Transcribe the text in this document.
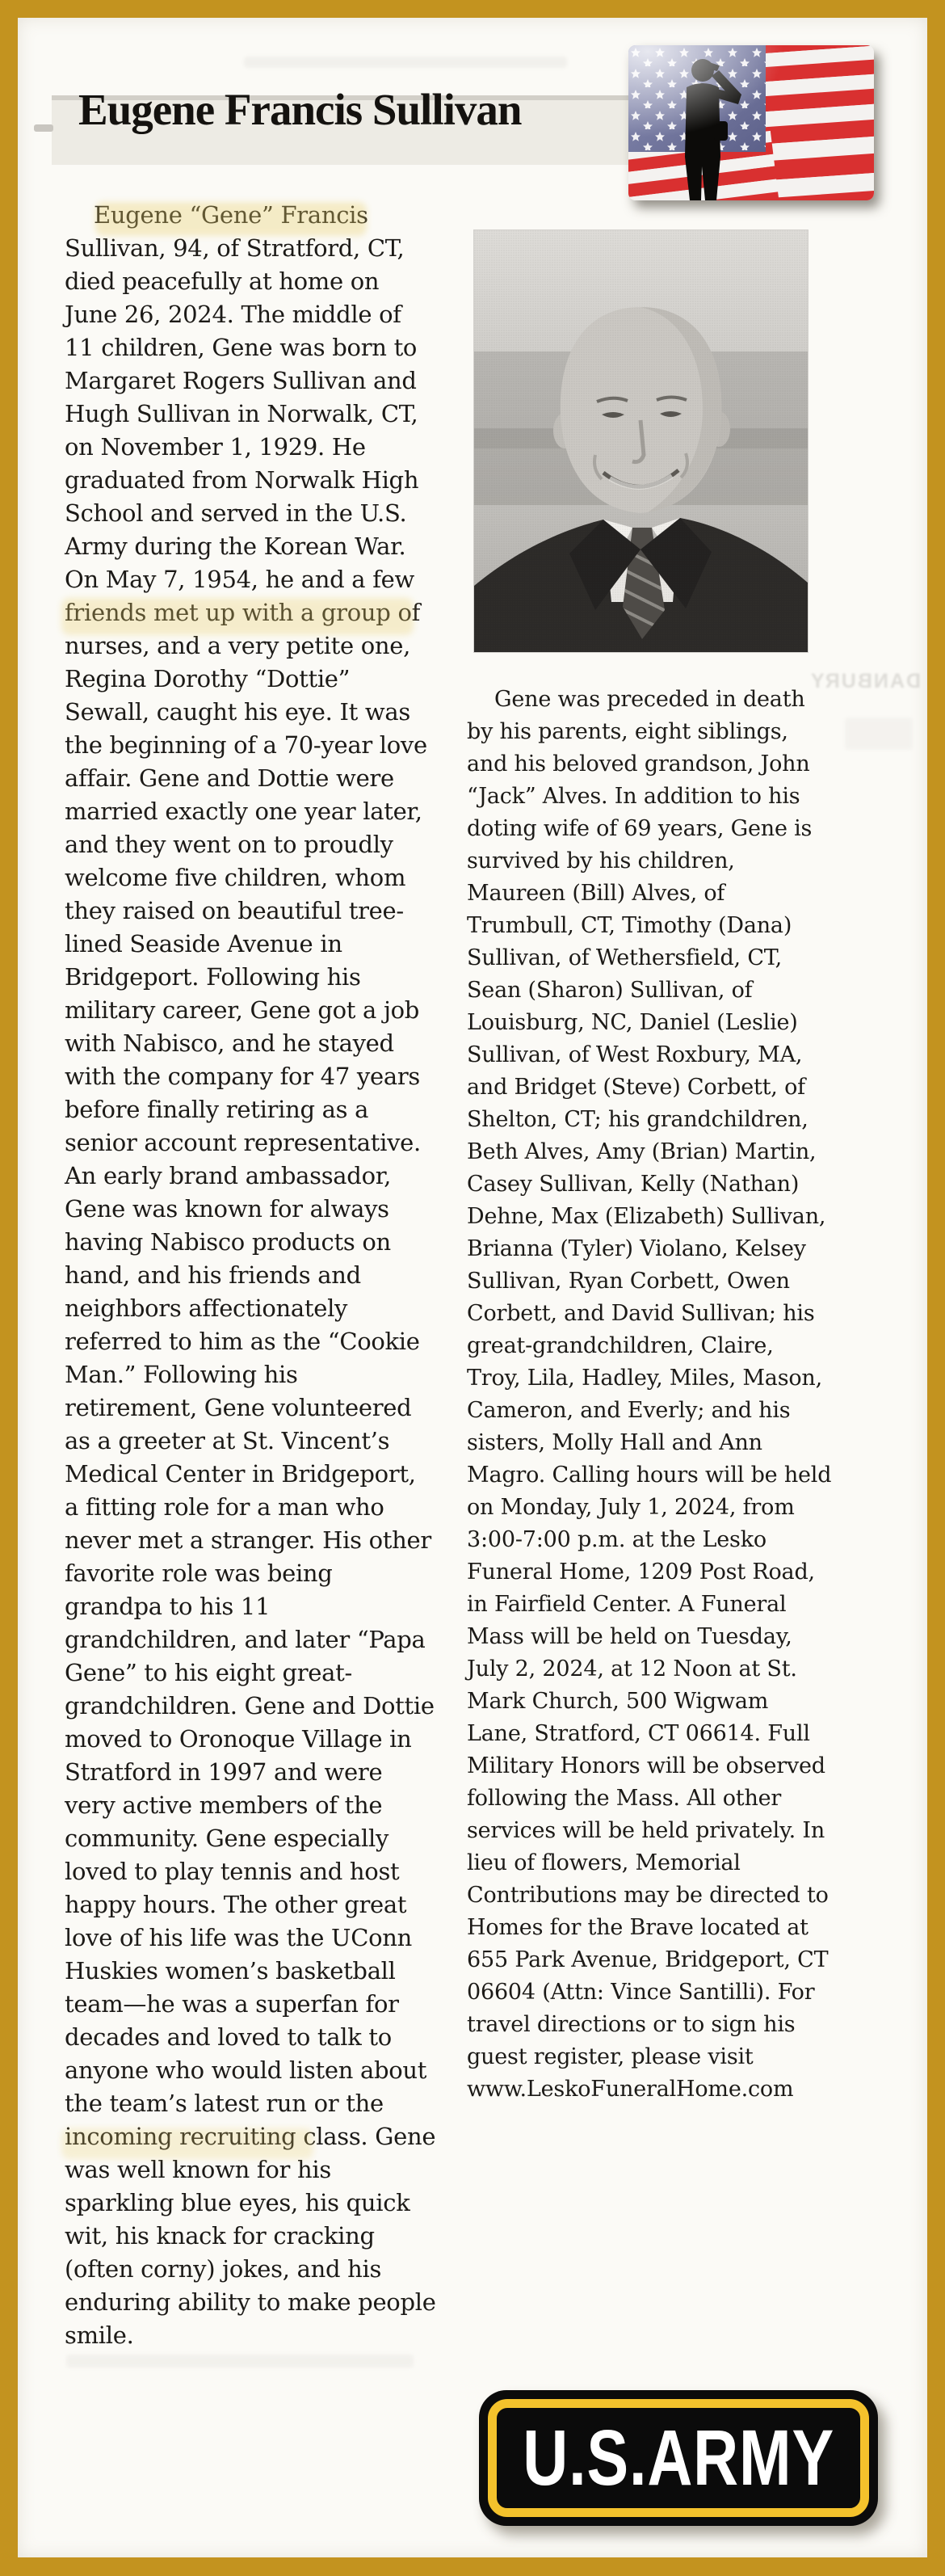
Eugene Francis Sullivan

Eugene “Gene” Francis Sullivan, 94, of Stratford, CT, died peacefully at home on June 26, 2024. The middle of 11 children, Gene was born to Margaret Rogers Sullivan and Hugh Sullivan in Norwalk, CT, on November 1, 1929. He graduated from Norwalk High School and served in the U.S. Army during the Korean War. On May 7, 1954, he and a few friends met up with a group of nurses, and a very petite one, Regina Dorothy “Dottie” Sewall, caught his eye. It was the beginning of a 70-year love affair. Gene and Dottie were married exactly one year later, and they went on to proudly welcome five children, whom they raised on beautiful tree-lined Seaside Avenue in Bridgeport. Following his military career, Gene got a job with Nabisco, and he stayed with the company for 47 years before finally retiring as a senior account representative. An early brand ambassador, Gene was known for always having Nabisco products on hand, and his friends and neighbors affectionately referred to him as the “Cookie Man.” Following his retirement, Gene volunteered as a greeter at St. Vincent’s Medical Center in Bridgeport, a fitting role for a man who never met a stranger. His other favorite role was being grandpa to his 11 grandchildren, and later “Papa Gene” to his eight great-grandchildren. Gene and Dottie moved to Oronoque Village in Stratford in 1997 and were very active members of the community. Gene especially loved to play tennis and host happy hours. The other great love of his life was the UConn Huskies women’s basketball team—he was a superfan for decades and loved to talk to anyone who would listen about the team’s latest run or the incoming recruiting class. Gene was well known for his sparkling blue eyes, his quick wit, his knack for cracking (often corny) jokes, and his enduring ability to make people smile.

Gene was preceded in death by his parents, eight siblings, and his beloved grandson, John “Jack” Alves. In addition to his doting wife of 69 years, Gene is survived by his children, Maureen (Bill) Alves, of Trumbull, CT, Timothy (Dana) Sullivan, of Wethersfield, CT, Sean (Sharon) Sullivan, of Louisburg, NC, Daniel (Leslie) Sullivan, of West Roxbury, MA, and Bridget (Steve) Corbett, of Shelton, CT; his grandchildren, Beth Alves, Amy (Brian) Martin, Casey Sullivan, Kelly (Nathan) Dehne, Max (Elizabeth) Sullivan, Brianna (Tyler) Violano, Kelsey Sullivan, Ryan Corbett, Owen Corbett, and David Sullivan; his great-grandchildren, Claire, Troy, Lila, Hadley, Miles, Mason, Cameron, and Everly; and his sisters, Molly Hall and Ann Magro. Calling hours will be held on Monday, July 1, 2024, from 3:00-7:00 p.m. at the Lesko Funeral Home, 1209 Post Road, in Fairfield Center. A Funeral Mass will be held on Tuesday, July 2, 2024, at 12 Noon at St. Mark Church, 500 Wigwam Lane, Stratford, CT 06614. Full Military Honors will be observed following the Mass. All other services will be held privately. In lieu of flowers, Memorial Contributions may be directed to Homes for the Brave located at 655 Park Avenue, Bridgeport, CT 06604 (Attn: Vince Santilli). For travel directions or to sign his guest register, please visit www.LeskoFuneralHome.com

U.S.ARMY
DANBURY
